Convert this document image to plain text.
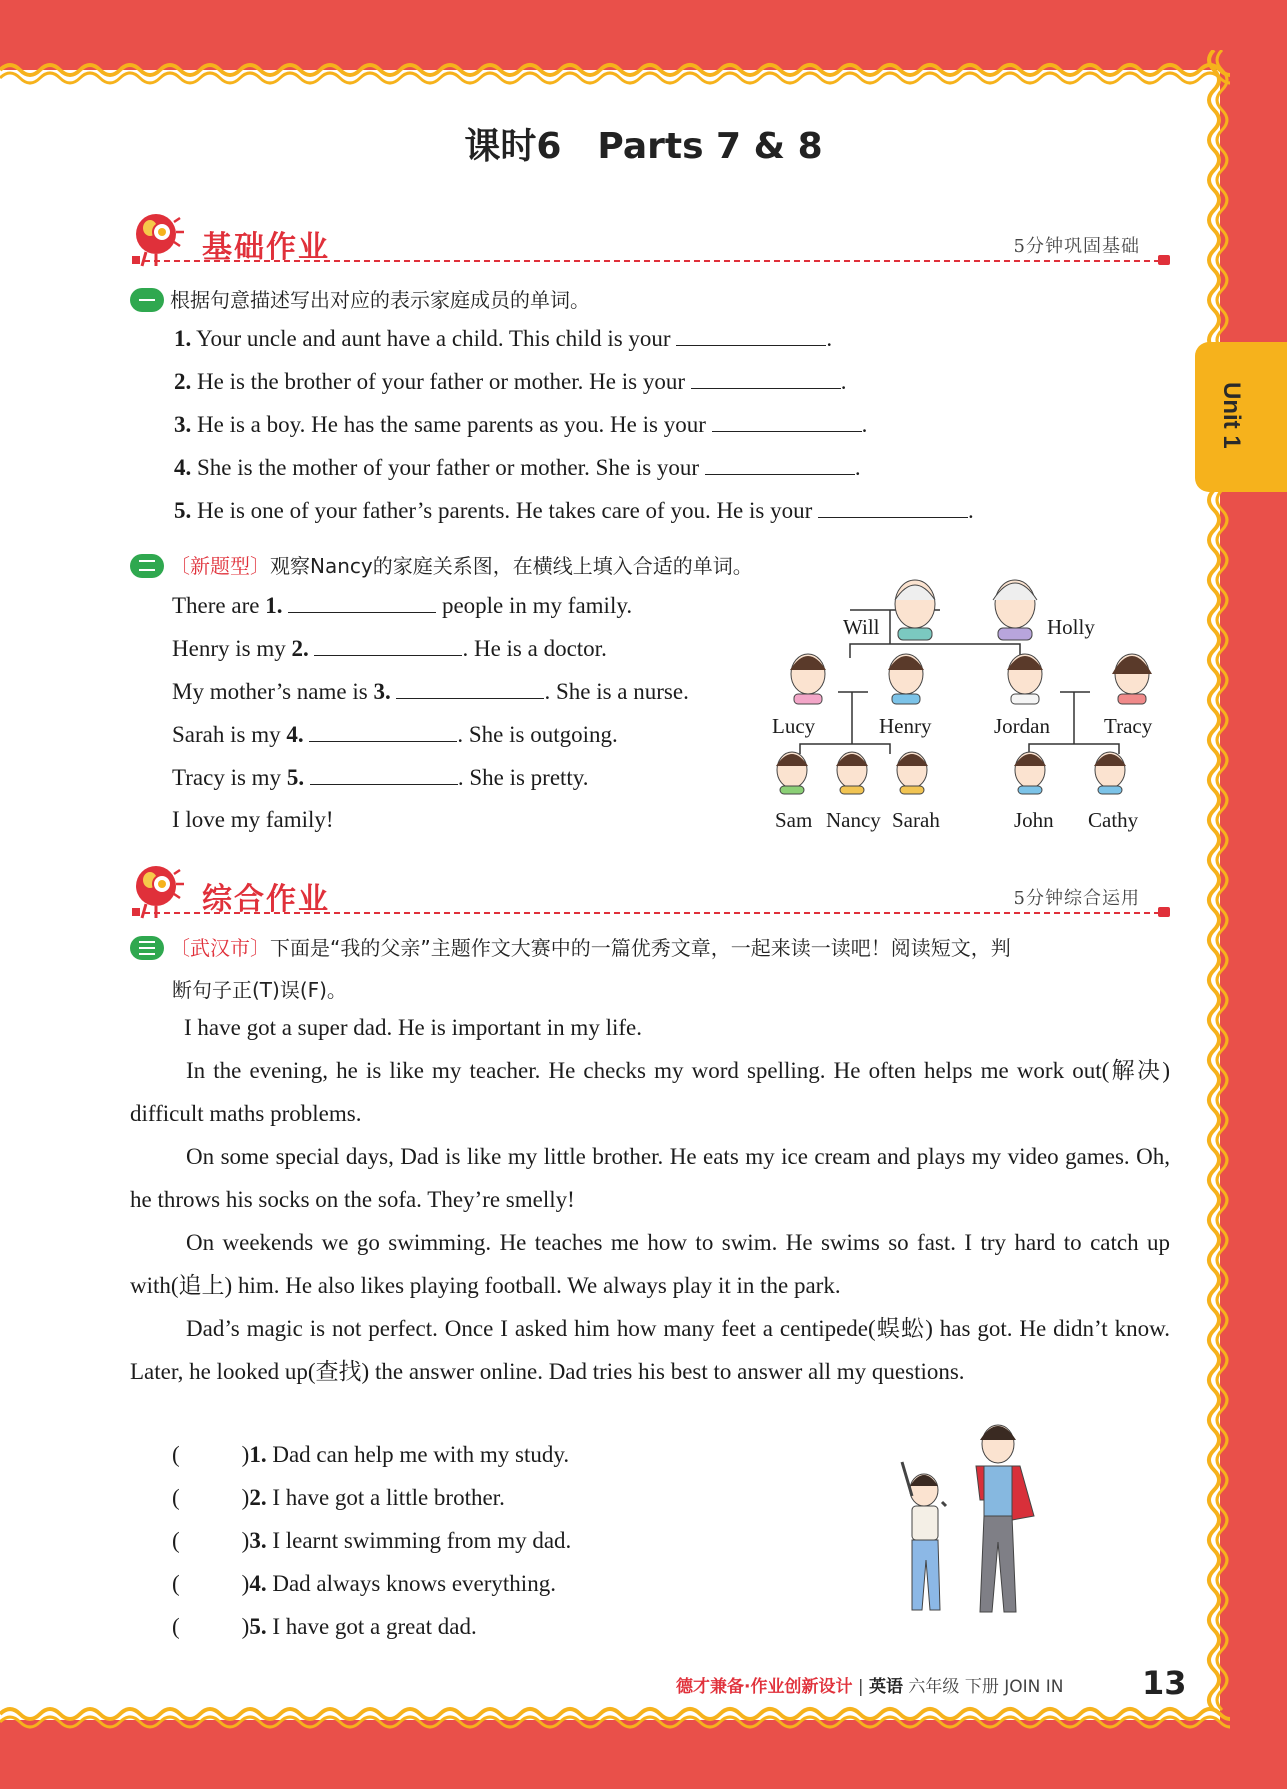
Unit 1
课时6　Parts 7 & 8
基础作业	5分钟巩固基础
根据句意描述写出对应的表示家庭成员的单词。
1. Your uncle and aunt have a child. This child is your	.
2. He is the brother of your father or mother. He is your	.
3. He is a boy. He has the same parents as you. He is your	.
4. She is the mother of your father or mother. She is your	.
5. He is one of your father’s parents. He takes care of you. He is your	.
〔新题型〕观察Nancy的家庭关系图，在横线上填入合适的单词。
There are 1.	people in my family.
Henry is my 2.	. He is a doctor.
My mother’s name is 3.	. She is a nurse.
Sarah is my 4.	. She is outgoing.
Tracy is my 5.	. She is pretty.
I love my family!
Will	Holly
Lucy	Henry	Jordan	Tracy
Sam Nancy Sarah	John Cathy
综合作业	5分钟综合运用
〔武汉市〕下面是“我的父亲”主题作文大赛中的一篇优秀文章，一起来读一读吧！阅读短文，判
断句子正(T)误(F)。
I have got a super dad. He is important in my life.
In the evening, he is like my teacher. He checks my word spelling. He often helps me work out(解决) difficult maths problems.
On some special days, Dad is like my little brother. He eats my ice cream and plays my video games. Oh, he throws his socks on the sofa. They’re smelly!
On weekends we go swimming. He teaches me how to swim. He swims so fast. I try hard to catch up with(追上) him. He also likes playing football. We always play it in the park.
Dad’s magic is not perfect. Once I asked him how many feet a centipede(蜈蚣) has got. He didn’t know. Later, he looked up(查找) the answer online. Dad tries his best to answer all my questions.
(	)1. Dad can help me with my study.
(	)2. I have got a little brother.
(	)3. I learnt swimming from my dad.
(	)4. Dad always knows everything.
(	)5. I have got a great dad.
德才兼备·作业创新设计 | 英语 六年级 下册 JOIN IN 13
